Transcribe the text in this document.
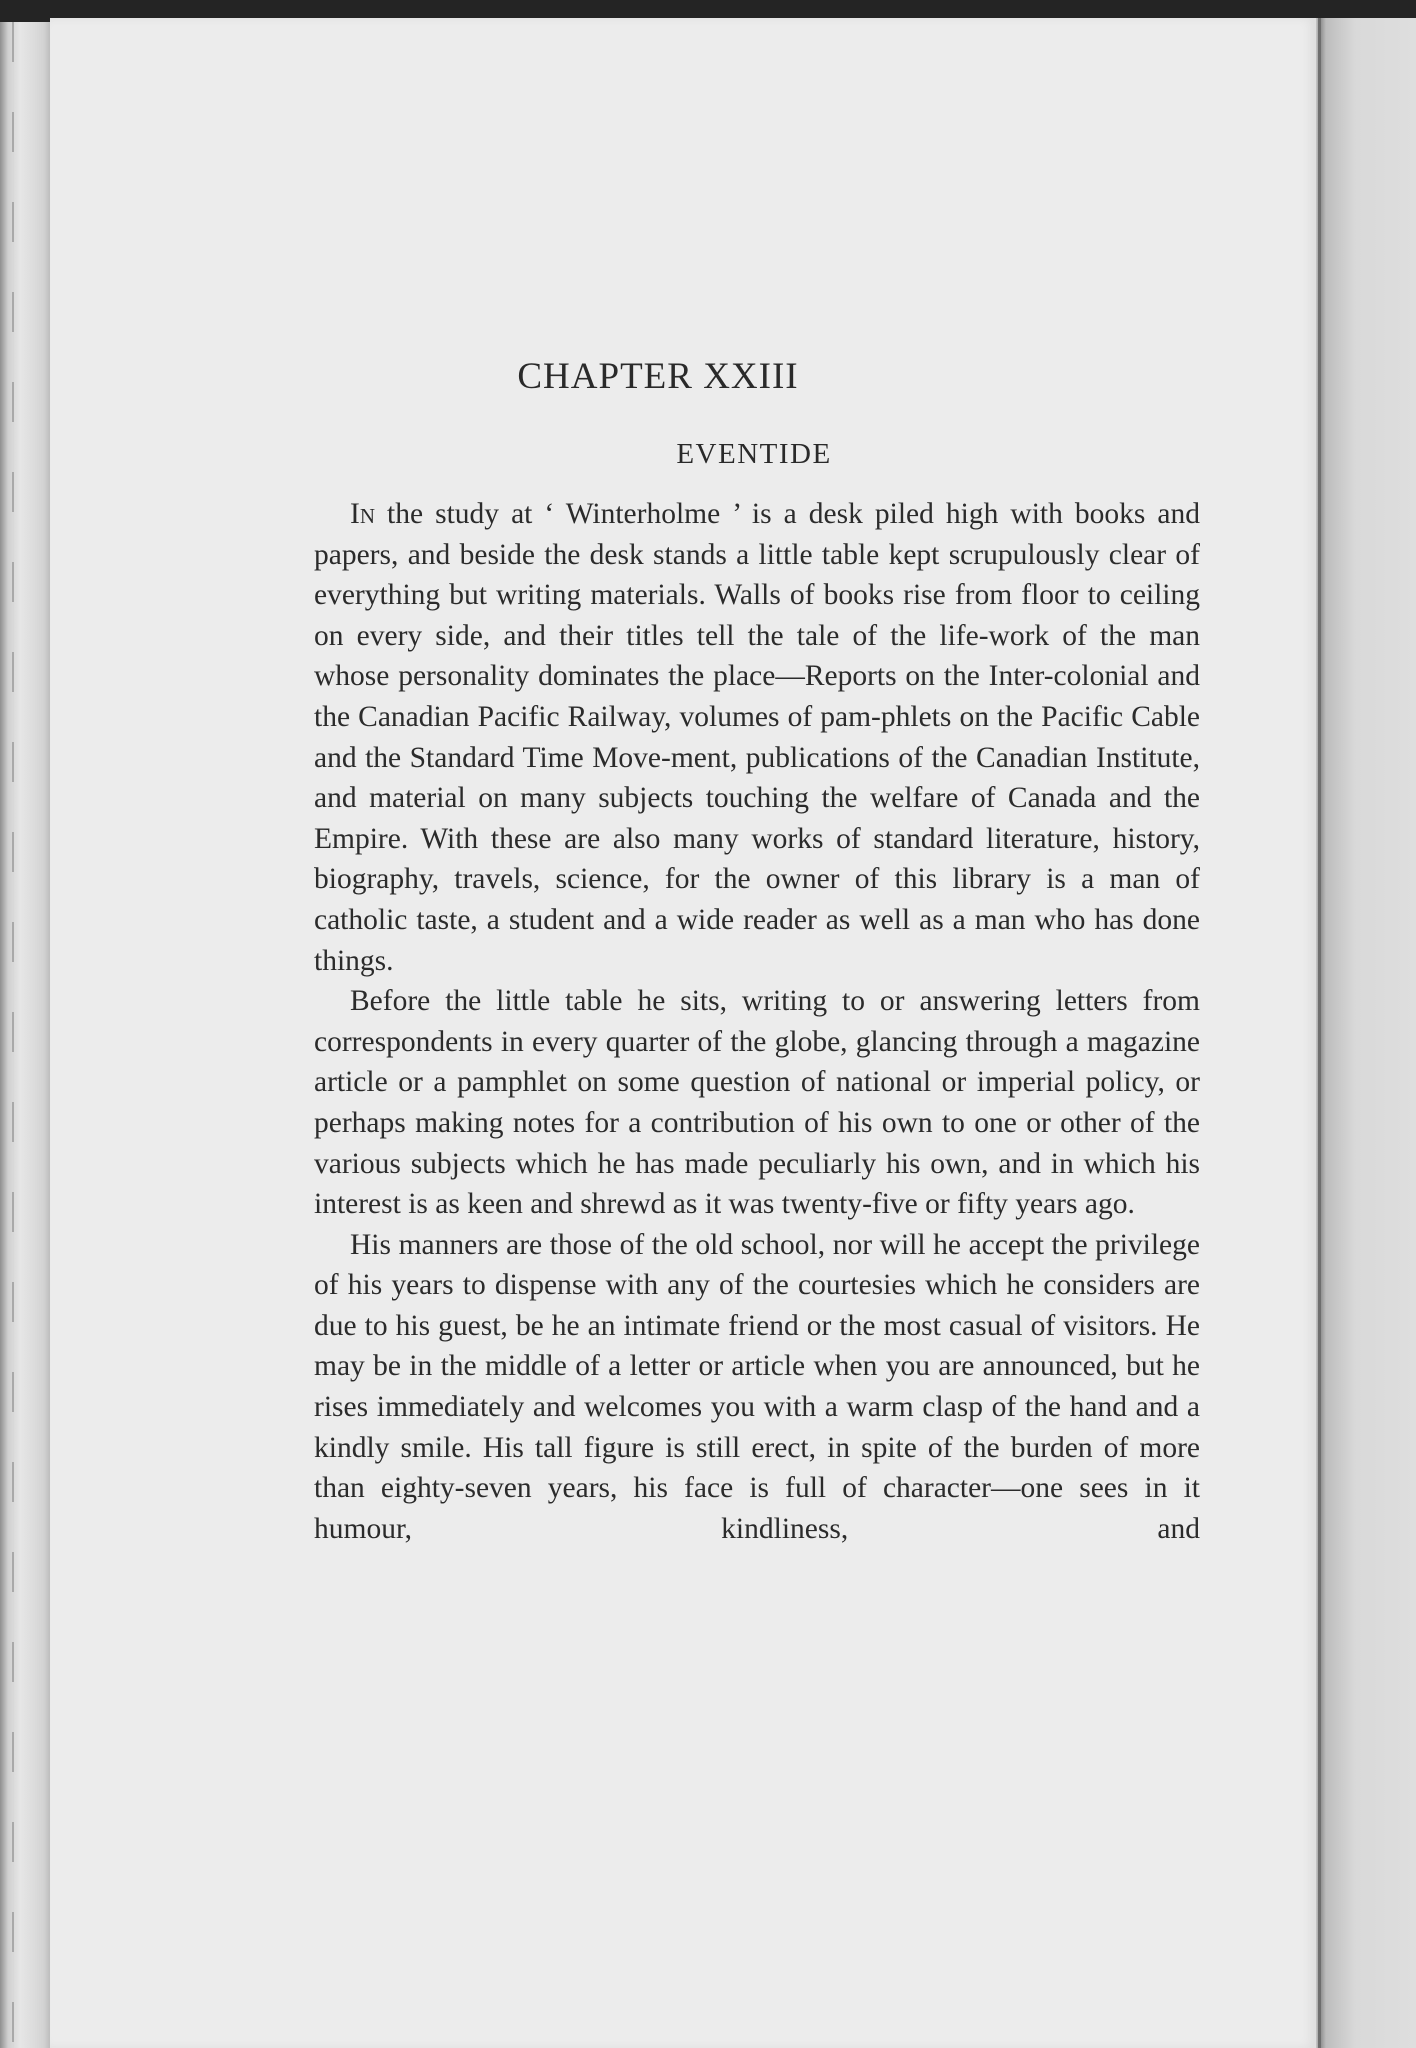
CHAPTER XXIII
EVENTIDE

In the study at ‘ Winterholme ’ is a desk piled high with books and papers, and beside the desk stands a little table kept scrupulously clear of everything but writing materials. Walls of books rise from floor to ceiling on every side, and their titles tell the tale of the life-work of the man whose personality dominates the place—Reports on the Inter-colonial and the Canadian Pacific Railway, volumes of pam-phlets on the Pacific Cable and the Standard Time Move-ment, publications of the Canadian Institute, and material on many subjects touching the welfare of Canada and the Empire. With these are also many works of standard literature, history, biography, travels, science, for the owner of this library is a man of catholic taste, a student and a wide reader as well as a man who has done things.

Before the little table he sits, writing to or answering letters from correspondents in every quarter of the globe, glancing through a magazine article or a pamphlet on some question of national or imperial policy, or perhaps making notes for a contribution of his own to one or other of the various subjects which he has made peculiarly his own, and in which his interest is as keen and shrewd as it was twenty-five or fifty years ago.

His manners are those of the old school, nor will he accept the privilege of his years to dispense with any of the courtesies which he considers are due to his guest, be he an intimate friend or the most casual of visitors. He may be in the middle of a letter or article when you are announced, but he rises immediately and welcomes you with a warm clasp of the hand and a kindly smile. His tall figure is still erect, in spite of the burden of more than eighty-seven years, his face is full of character—one sees in it humour, kindliness, and
